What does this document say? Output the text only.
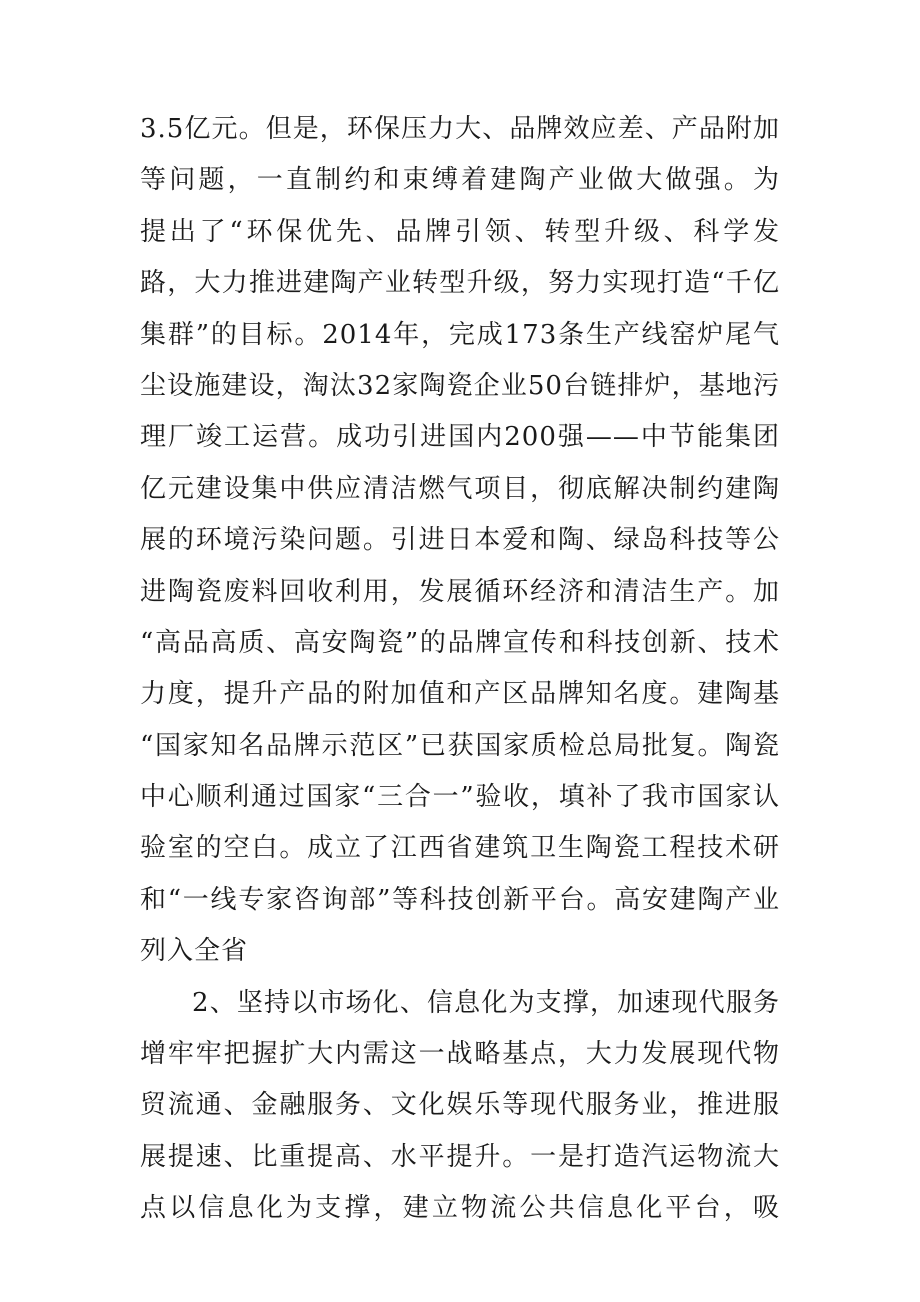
3.5亿元。但是，环保压力大、品牌效应差、产品附加
等问题，一直制约和束缚着建陶产业做大做强。为
提出了“环保优先、品牌引领、转型升级、科学发
路，大力推进建陶产业转型升级，努力实现打造“千亿
集群”的目标。2014年，完成173条生产线窑炉尾气
尘设施建设，淘汰32家陶瓷企业50台链排炉，基地污
理厂竣工运营。成功引进国内200强——中节能集团
亿元建设集中供应清洁燃气项目，彻底解决制约建陶
展的环境污染问题。引进日本爱和陶、绿岛科技等公
进陶瓷废料回收利用，发展循环经济和清洁生产。加
“高品高质、高安陶瓷”的品牌宣传和科技创新、技术
力度，提升产品的附加值和产区品牌知名度。建陶基
“国家知名品牌示范区”已获国家质检总局批复。陶瓷
中心顺利通过国家“三合一”验收，填补了我市国家认
验室的空白。成立了江西省建筑卫生陶瓷工程技术研
和“一线专家咨询部”等科技创新平台。高安建陶产业
列入全省
2、坚持以市场化、信息化为支撑，加速现代服务
增牢牢把握扩大内需这一战略基点，大力发展现代物
贸流通、金融服务、文化娱乐等现代服务业，推进服
展提速、比重提高、水平提升。一是打造汽运物流大
点以信息化为支撑，建立物流公共信息化平台，吸
